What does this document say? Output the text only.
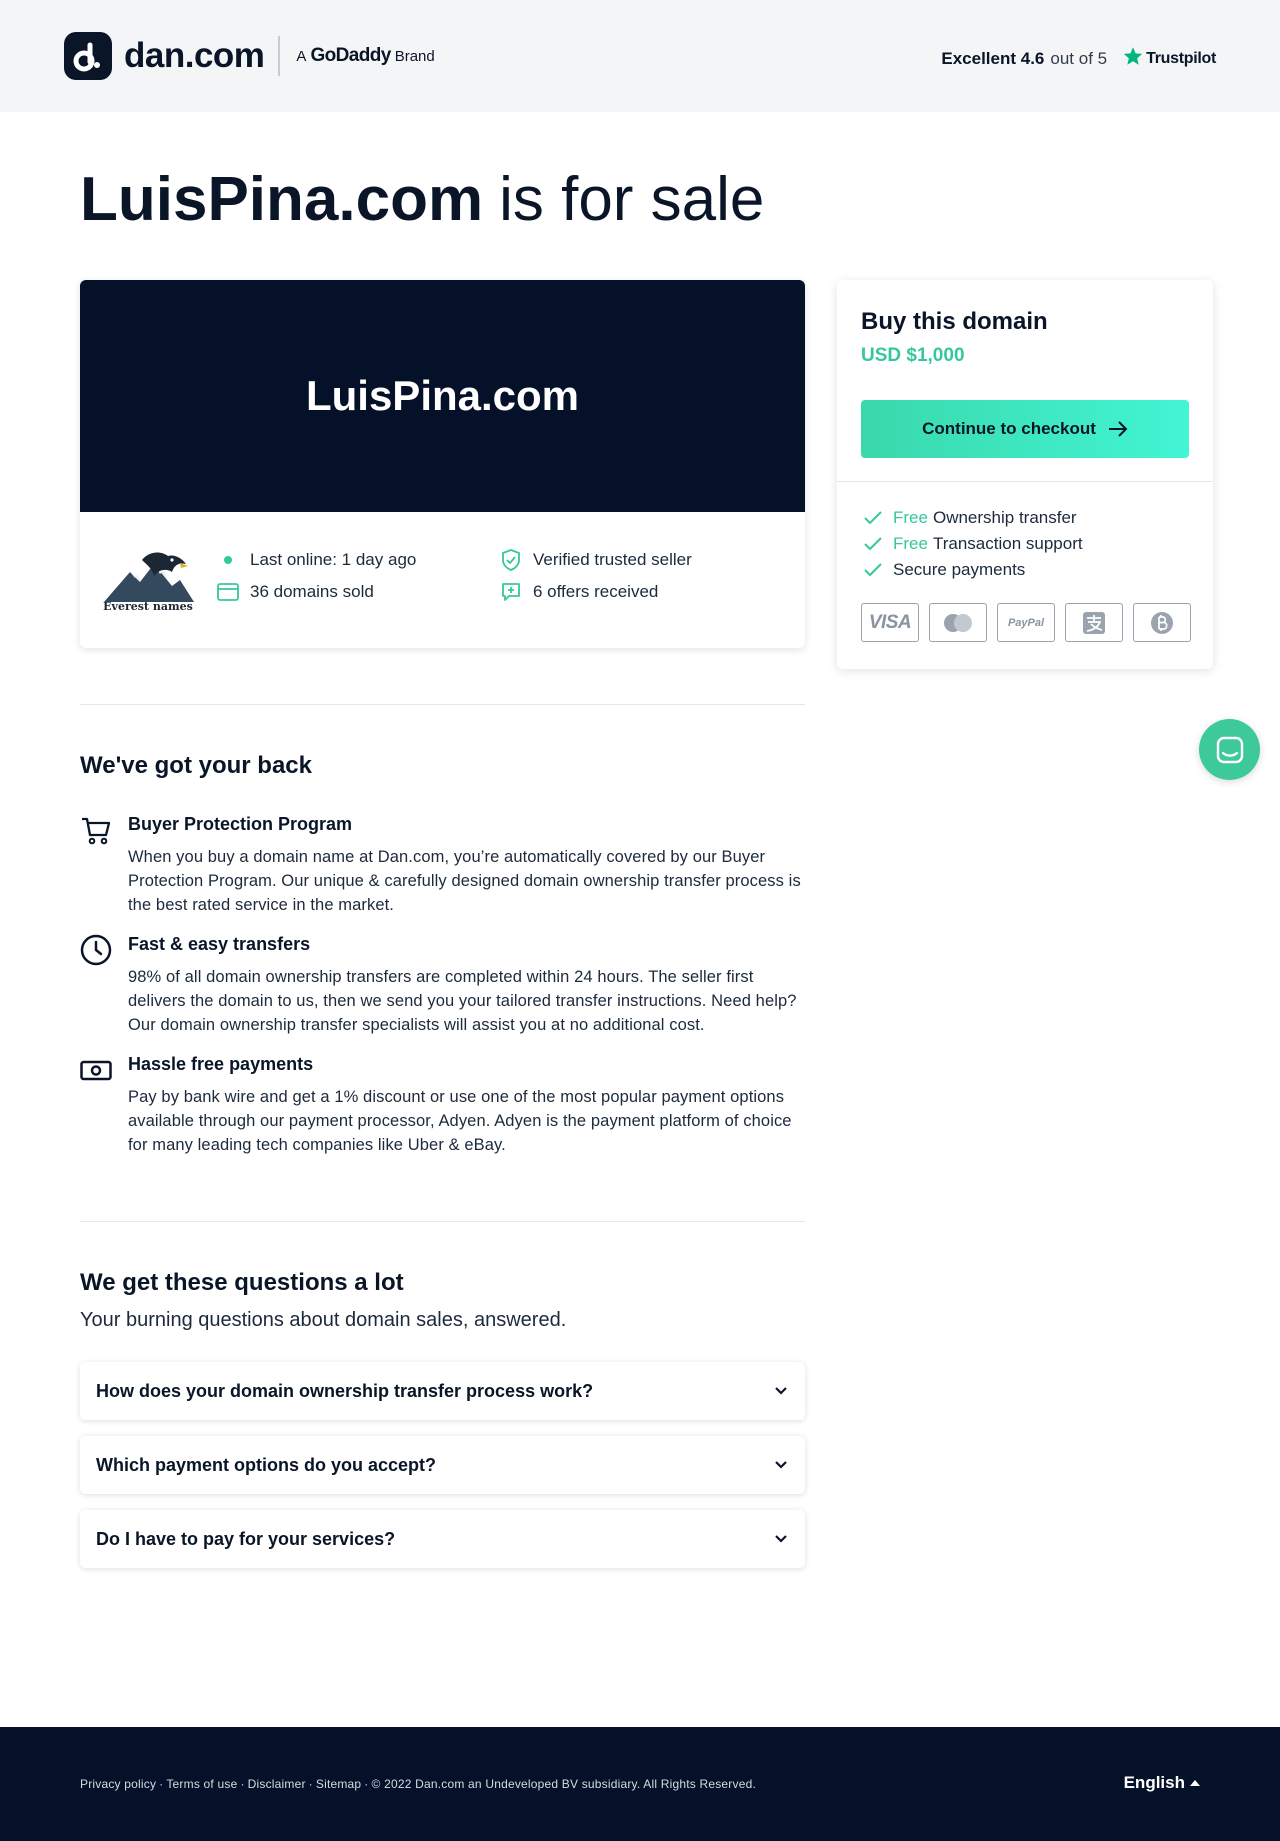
dan.com A GoDaddy Brand	Excellent 4.6 out of 5 Trustpilot
LuisPina.com is for sale
LuisPina.com
Everest names
Last online: 1 day ago
36 domains sold
Verified trusted seller
6 offers received
Buy this domain
USD $1,000
Continue to checkout
Free Ownership transfer
Free Transaction support
Secure payments
VISA	PayPal
We've got your back
Buyer Protection Program
When you buy a domain name at Dan.com, you’re automatically covered by our Buyer Protection Program. Our unique & carefully designed domain ownership transfer process is the best rated service in the market.
Fast & easy transfers
98% of all domain ownership transfers are completed within 24 hours. The seller first delivers the domain to us, then we send you your tailored transfer instructions. Need help? Our domain ownership transfer specialists will assist you at no additional cost.
Hassle free payments
Pay by bank wire and get a 1% discount or use one of the most popular payment options available through our payment processor, Adyen. Adyen is the payment platform of choice for many leading tech companies like Uber & eBay.
We get these questions a lot
Your burning questions about domain sales, answered.
How does your domain ownership transfer process work?
Which payment options do you accept?
Do I have to pay for your services?
Privacy policy · Terms of use · Disclaimer · Sitemap · © 2022 Dan.com an Undeveloped BV subsidiary. All Rights Reserved.	English
